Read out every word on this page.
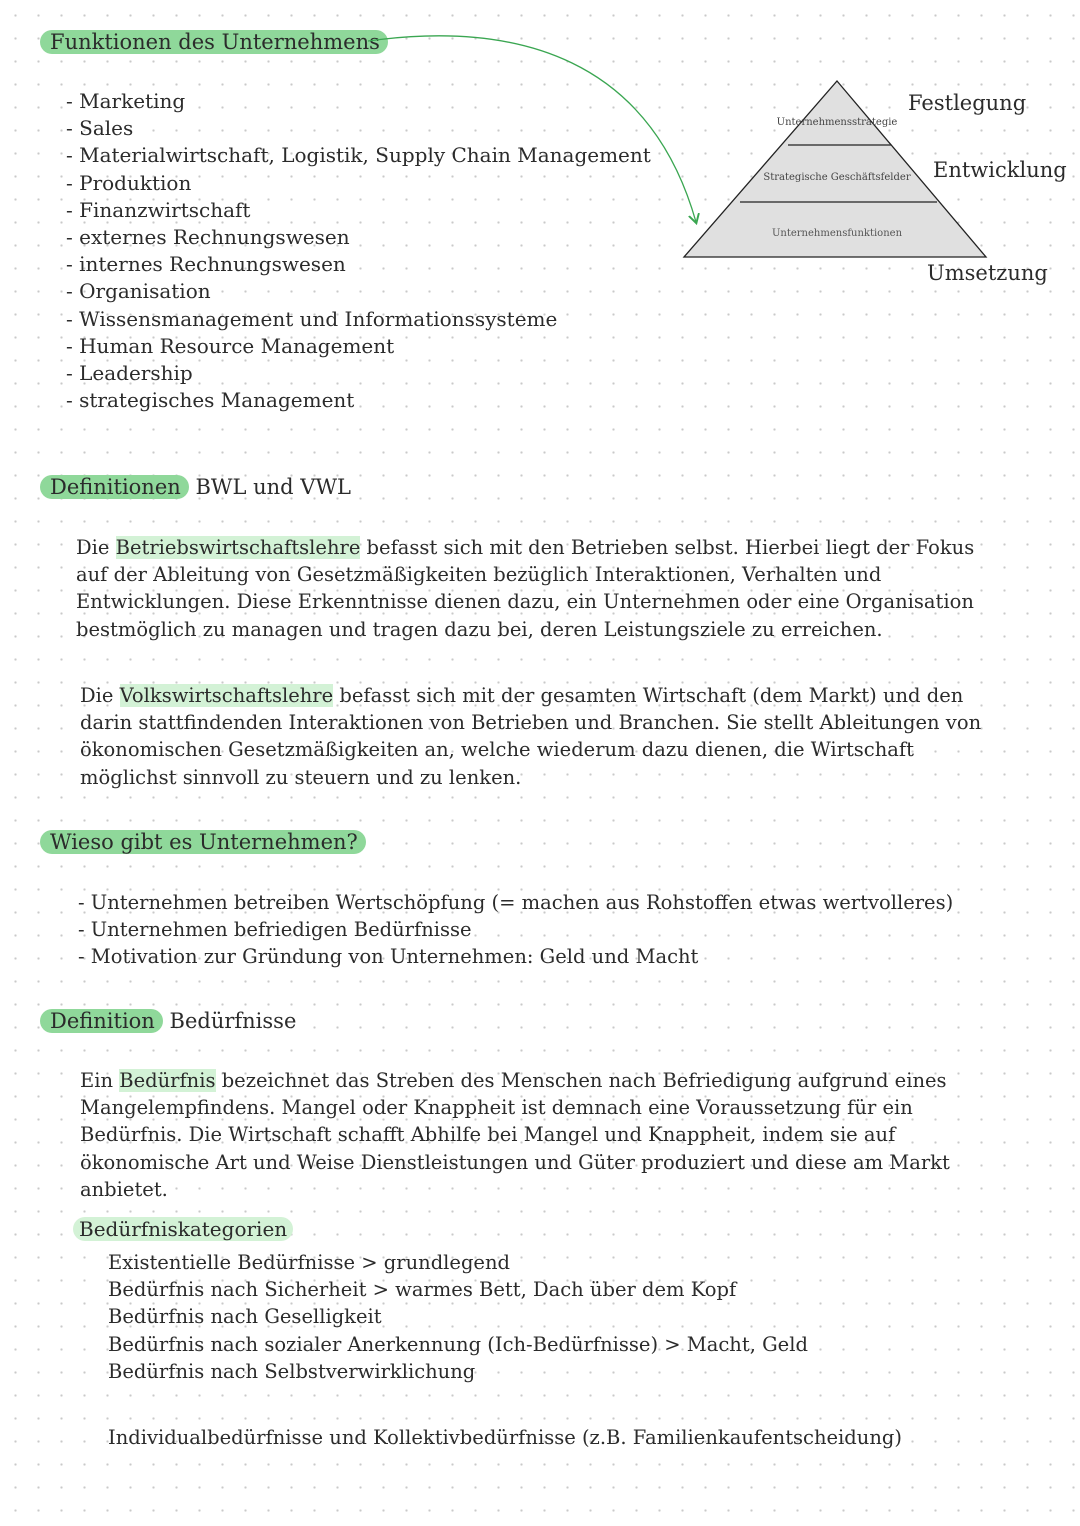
Funktionen des Unternehmens
- Marketing
- Sales
- Materialwirtschaft, Logistik, Supply Chain Management
- Produktion
- Finanzwirtschaft
- externes Rechnungswesen
- internes Rechnungswesen
- Organisation
- Wissensmanagement und Informationssysteme
- Human Resource Management
- Leadership
- strategisches Management
Unternehmensstrategie
Strategische Geschäftsfelder
Unternehmensfunktionen
Festlegung
Entwicklung
Umsetzung
Definitionen BWL und VWL

Die Betriebswirtschaftslehre befasst sich mit den Betrieben selbst. Hierbei liegt der Fokus auf der Ableitung von Gesetzmäßigkeiten bezüglich Interaktionen, Verhalten und Entwicklungen. Diese Erkenntnisse dienen dazu, ein Unternehmen oder eine Organisation bestmöglich zu managen und tragen dazu bei, deren Leistungsziele zu erreichen.

Die Volkswirtschaftslehre befasst sich mit der gesamten Wirtschaft (dem Markt) und den darin stattfindenden Interaktionen von Betrieben und Branchen. Sie stellt Ableitungen von ökonomischen Gesetzmäßigkeiten an, welche wiederum dazu dienen, die Wirtschaft möglichst sinnvoll zu steuern und zu lenken.

Wieso gibt es Unternehmen?
- Unternehmen betreiben Wertschöpfung (= machen aus Rohstoffen etwas wertvolleres)
- Unternehmen befriedigen Bedürfnisse
- Motivation zur Gründung von Unternehmen: Geld und Macht
Definition Bedürfnisse

Ein Bedürfnis bezeichnet das Streben des Menschen nach Befriedigung aufgrund eines Mangelempfindens. Mangel oder Knappheit ist demnach eine Voraussetzung für ein Bedürfnis. Die Wirtschaft schafft Abhilfe bei Mangel und Knappheit, indem sie auf ökonomische Art und Weise Dienstleistungen und Güter produziert und diese am Markt anbietet.

Bedürfniskategorien
Existentielle Bedürfnisse > grundlegend
Bedürfnis nach Sicherheit > warmes Bett, Dach über dem Kopf
Bedürfnis nach Geselligkeit
Bedürfnis nach sozialer Anerkennung (Ich-Bedürfnisse) > Macht, Geld
Bedürfnis nach Selbstverwirklichung
Individualbedürfnisse und Kollektivbedürfnisse (z.B. Familienkaufentscheidung)
